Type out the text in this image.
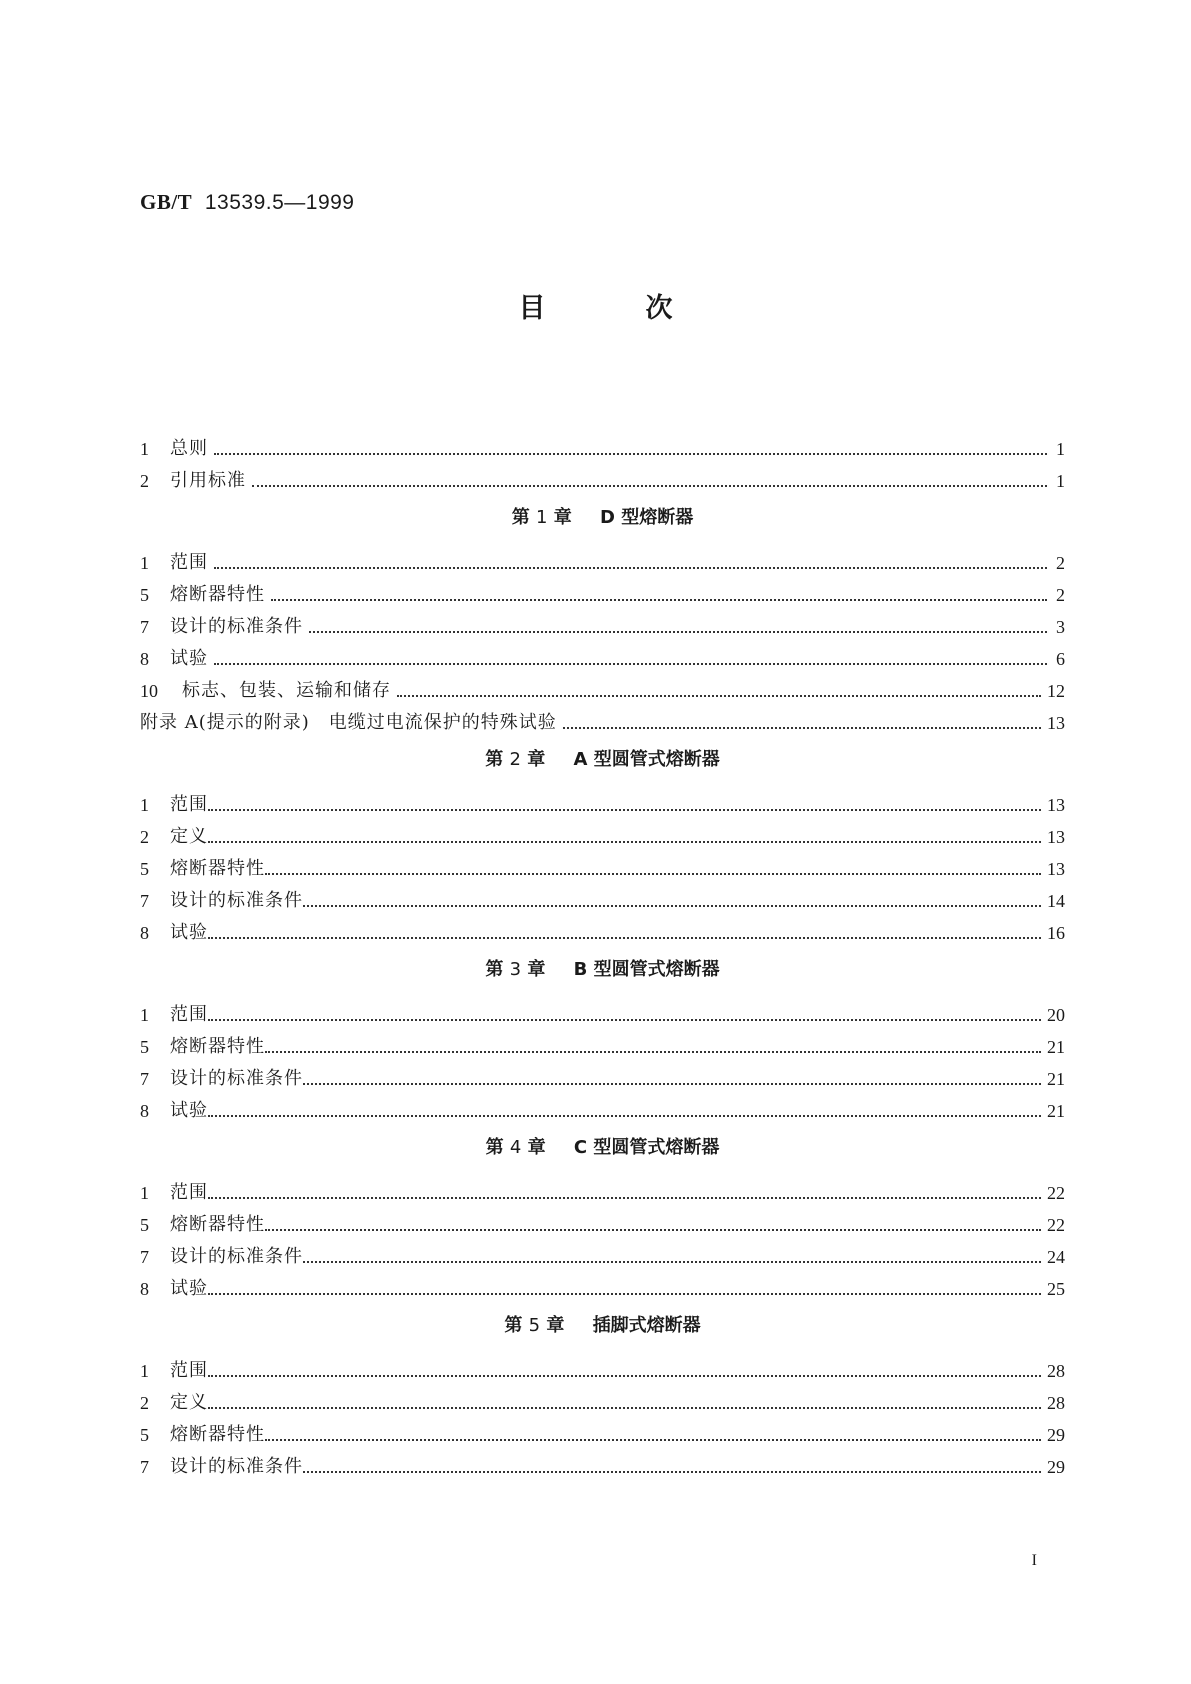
GB/T 13539.5—1999
目	次
1	总则	1
2	引用标准	1
第 1 章 D 型熔断器
1	范围	2
5	熔断器特性	2
7	设计的标准条件	3
8	试验	6
10	标志、包装、运输和储存	12
附录 A(提示的附录)　电缆过电流保护的特殊试验	13
第 2 章 A 型圆管式熔断器
1	范围	13
2	定义	13
5	熔断器特性	13
7	设计的标准条件	14
8	试验	16
第 3 章 B 型圆管式熔断器
1	范围	20
5	熔断器特性	21
7	设计的标准条件	21
8	试验	21
第 4 章 C 型圆管式熔断器
1	范围	22
5	熔断器特性	22
7	设计的标准条件	24
8	试验	25
第 5 章 插脚式熔断器
1	范围	28
2	定义	28
5	熔断器特性	29
7	设计的标准条件	29
I
